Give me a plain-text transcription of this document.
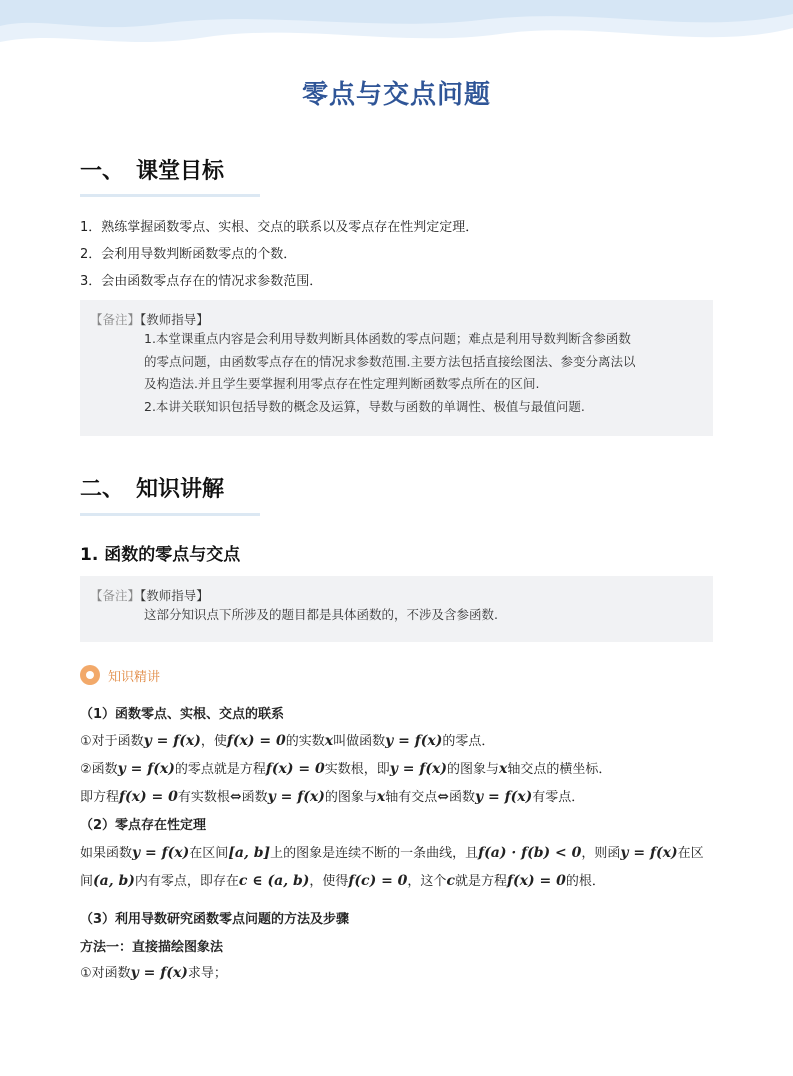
零点与交点问题
一、 课堂目标
1．熟练掌握函数零点、实根、交点的联系以及零点存在性判定定理．
2．会利用导数判断函数零点的个数．
3．会由函数零点存在的情况求参数范围．
【备注】【教师指导】
1.本堂课重点内容是会利用导数判断具体函数的零点问题；难点是利用导数判断含参函数
的零点问题，由函数零点存在的情况求参数范围.主要方法包括直接绘图法、参变分离法以
及构造法.并且学生要掌握利用零点存在性定理判断函数零点所在的区间.
2.本讲关联知识包括导数的概念及运算，导数与函数的单调性、极值与最值问题.
二、 知识讲解
1. 函数的零点与交点
【备注】【教师指导】
这部分知识点下所涉及的题目都是具体函数的，不涉及含参函数.
知识精讲
（1）函数零点、实根、交点的联系
①对于函数y = f(x)，使f(x) = 0的实数x叫做函数y = f(x)的零点．
②函数y = f(x)的零点就是方程f(x) = 0实数根，即y = f(x)的图象与x轴交点的横坐标．
即方程f(x) = 0有实数根⇔函数y = f(x)的图象与x轴有交点⇔函数y = f(x)有零点．
（2）零点存在性定理
如果函数y = f(x)在区间[a, b]上的图象是连续不断的一条曲线，且f(a) · f(b) < 0，则函y = f(x)在区
间(a, b)内有零点，即存在c ∈ (a, b)，使得f(c) = 0，这个c就是方程f(x) = 0的根．
（3）利用导数研究函数零点问题的方法及步骤
方法一：直接描绘图象法
①对函数y = f(x)求导；
